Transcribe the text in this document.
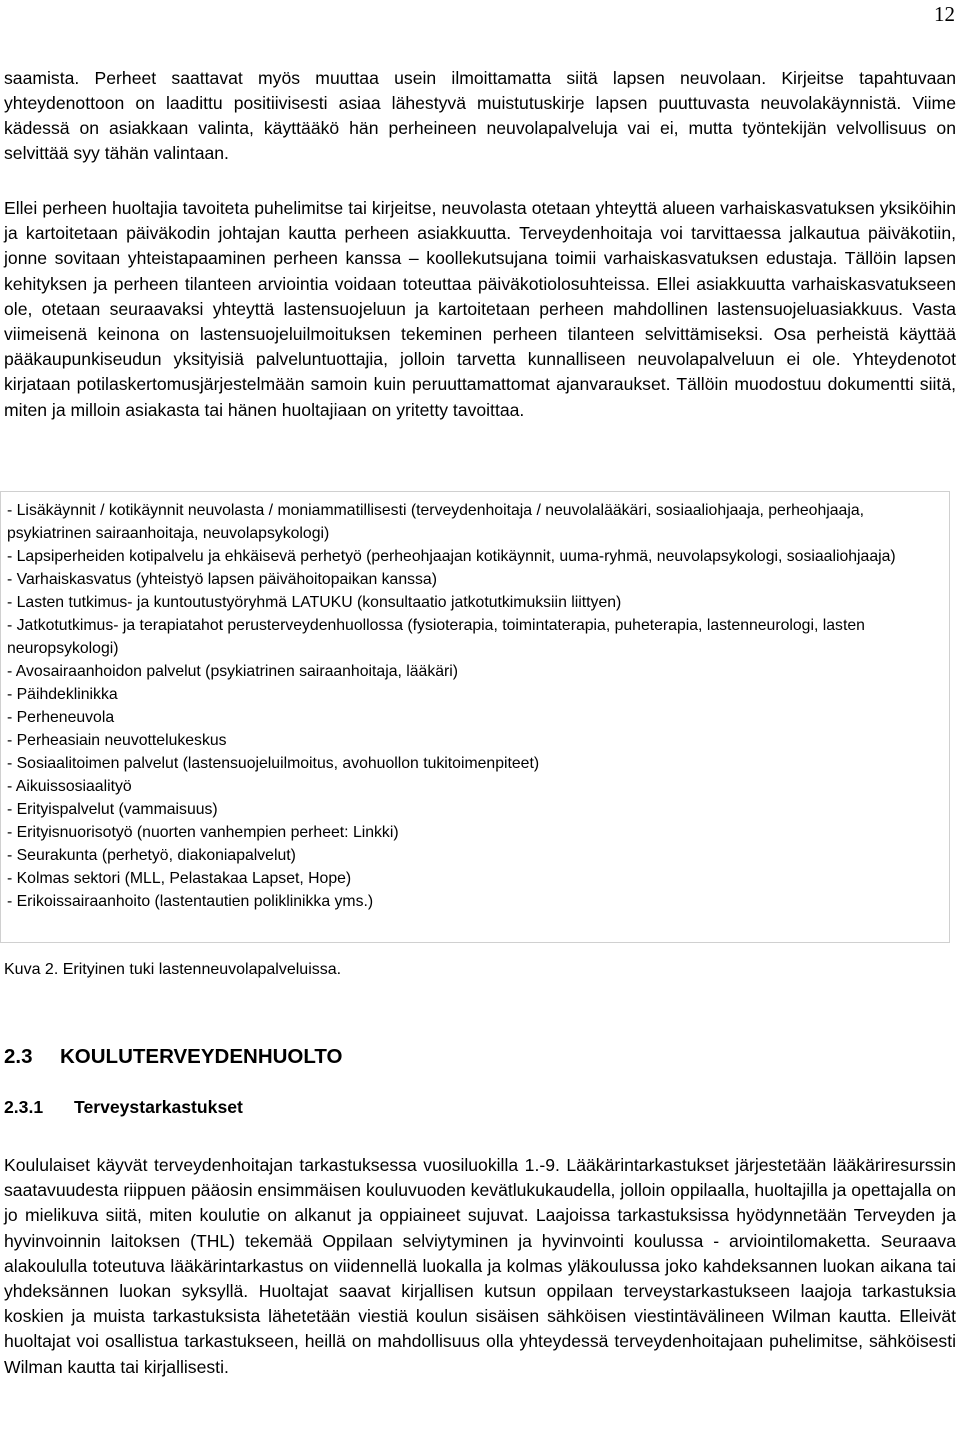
12

saamista. Perheet saattavat myös muuttaa usein ilmoittamatta siitä lapsen neuvolaan. Kirjeitse tapahtuvaan yhteydenottoon on laadittu positiivisesti asiaa lähestyvä muistutuskirje lapsen puuttuvasta neuvolakäynnistä. Viime kädessä on asiakkaan valinta, käyttääkö hän perheineen neuvolapalveluja vai ei, mutta työntekijän velvollisuus on selvittää syy tähän valintaan.

Ellei perheen huoltajia tavoiteta puhelimitse tai kirjeitse, neuvolasta otetaan yhteyttä alueen varhaiskasvatuksen yksiköihin ja kartoitetaan päiväkodin johtajan kautta perheen asiakkuutta. Terveydenhoitaja voi tarvittaessa jalkautua päiväkotiin, jonne sovitaan yhteistapaaminen perheen kanssa – koollekutsujana toimii varhaiskasvatuksen edustaja. Tällöin lapsen kehityksen ja perheen tilanteen arviointia voidaan toteuttaa päiväkotiolosuhteissa. Ellei asiakkuutta varhaiskasvatukseen ole, otetaan seuraavaksi yhteyttä lastensuojeluun ja kartoitetaan perheen mahdollinen lastensuojeluasiakkuus. Vasta viimeisenä keinona on lastensuojeluilmoituksen tekeminen perheen tilanteen selvittämiseksi. Osa perheistä käyttää pääkaupunkiseudun yksityisiä palveluntuottajia, jolloin tarvetta kunnalliseen neuvolapalveluun ei ole. Yhteydenotot kirjataan potilaskertomusjärjestelmään samoin kuin peruuttamattomat ajanvaraukset. Tällöin muodostuu dokumentti siitä, miten ja milloin asiakasta tai hänen huoltajiaan on yritetty tavoittaa.

- Lisäkäynnit / kotikäynnit neuvolasta / moniammatillisesti (terveydenhoitaja / neuvolalääkäri, sosiaaliohjaaja, perheohjaaja, psykiatrinen sairaanhoitaja, neuvolapsykologi)

- Lapsiperheiden kotipalvelu ja ehkäisevä perhetyö (perheohjaajan kotikäynnit, uuma-ryhmä, neuvolapsykologi, sosiaaliohjaaja)

- Varhaiskasvatus (yhteistyö lapsen päivähoitopaikan kanssa)

- Lasten tutkimus- ja kuntoutustyöryhmä LATUKU (konsultaatio jatkotutkimuksiin liittyen)

- Jatkotutkimus- ja terapiatahot perusterveydenhuollossa (fysioterapia, toimintaterapia, puheterapia, lastenneurologi, lasten neuropsykologi)

- Avosairaanhoidon palvelut (psykiatrinen sairaanhoitaja, lääkäri)

- Päihdeklinikka

- Perheneuvola

- Perheasiain neuvottelukeskus

- Sosiaalitoimen palvelut (lastensuojeluilmoitus, avohuollon tukitoimenpiteet)

- Aikuissosiaalityö

- Erityispalvelut (vammaisuus)

- Erityisnuorisotyö (nuorten vanhempien perheet: Linkki)

- Seurakunta (perhetyö, diakoniapalvelut)

- Kolmas sektori (MLL, Pelastakaa Lapset, Hope)

- Erikoissairaanhoito (lastentautien poliklinikka yms.)

Kuva 2. Erityinen tuki lastenneuvolapalveluissa.
2.3 KOULUTERVEYDENHUOLTO
2.3.1 Terveystarkastukset

Koululaiset käyvät terveydenhoitajan tarkastuksessa vuosiluokilla 1.-9. Lääkärintarkastukset järjestetään lääkäriresurssin saatavuudesta riippuen pääosin ensimmäisen kouluvuoden kevätlukukaudella, jolloin oppilaalla, huoltajilla ja opettajalla on jo mielikuva siitä, miten koulutie on alkanut ja oppiaineet sujuvat. Laajoissa tarkastuksissa hyödynnetään Terveyden ja hyvinvoinnin laitoksen (THL) tekemää Oppilaan selviytyminen ja hyvinvointi koulussa - arviointilomaketta. Seuraava alakoululla toteutuva lääkärintarkastus on viidennellä luokalla ja kolmas yläkoulussa joko kahdeksannen luokan aikana tai yhdeksännen luokan syksyllä. Huoltajat saavat kirjallisen kutsun oppilaan terveystarkastukseen laajoja tarkastuksia koskien ja muista tarkastuksista lähetetään viestiä koulun sisäisen sähköisen viestintävälineen Wilman kautta. Elleivät huoltajat voi osallistua tarkastukseen, heillä on mahdollisuus olla yhteydessä terveydenhoitajaan puhelimitse, sähköisesti Wilman kautta tai kirjallisesti.
